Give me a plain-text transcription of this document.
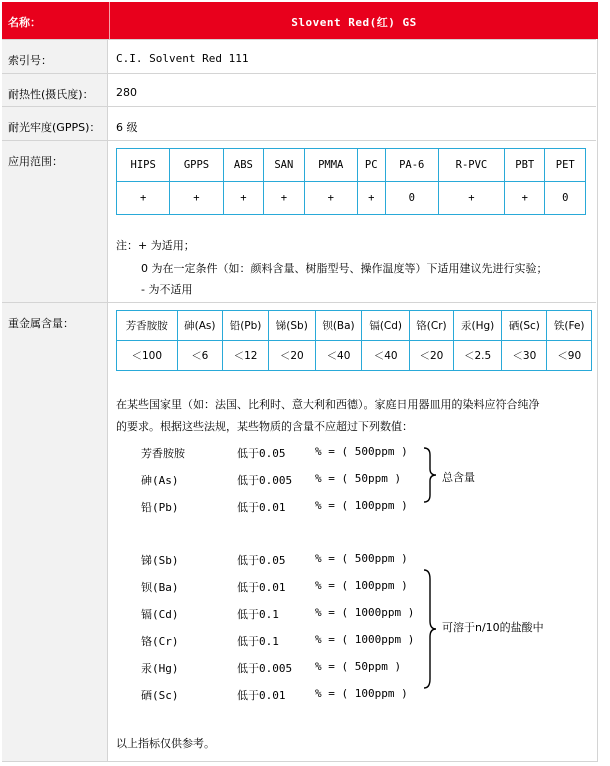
名称：	Slovent Red(红) GS
索引号：	C.I. Solvent Red 111
耐热性(摄氏度)：	280
耐光牢度(GPPS)：	6 级
应用范围：	HIPS	GPPS	ABS	SAN	PMMA	PC	PA-6	R-PVC	PBT	PET
+	+	+	+	+	+	0	+	+	0
注：+ 为适用；
0 为在一定条件（如：颜料含量、树脂型号、操作温度等）下适用建议先进行实验；
- 为不适用
重金属含量：	芳香胺胺	砷(As)	铅(Pb)	锑(Sb)	钡(Ba)	镉(Cd)	铬(Cr)	汞(Hg)	硒(Sc)	铁(Fe)
＜100	＜6	＜12	＜20	＜40	＜40	＜20	＜2.5	＜30	＜90
在某些国家里（如：法国、比利时、意大利和西德）。家庭日用器皿用的染料应符合纯净
的要求。根据这些法规，某些物质的含量不应超过下列数值：
芳香胺胺	低于0.05	% = ( 500ppm )
砷(As)	低于0.005 % = ( 50ppm )
铅(Pb)	低于0.01	% = ( 100ppm )
锑(Sb)	低于0.05	% = ( 500ppm )
钡(Ba)	低于0.01	% = ( 100ppm )
镉(Cd)	低于0.1	% = ( 1000ppm )
铬(Cr)	低于0.1	% = ( 1000ppm )
汞(Hg)	低于0.005 % = ( 50ppm )
硒(Sc)	低于0.01	% = ( 100ppm )
总含量
可溶于n/10的盐酸中
以上指标仅供参考。
